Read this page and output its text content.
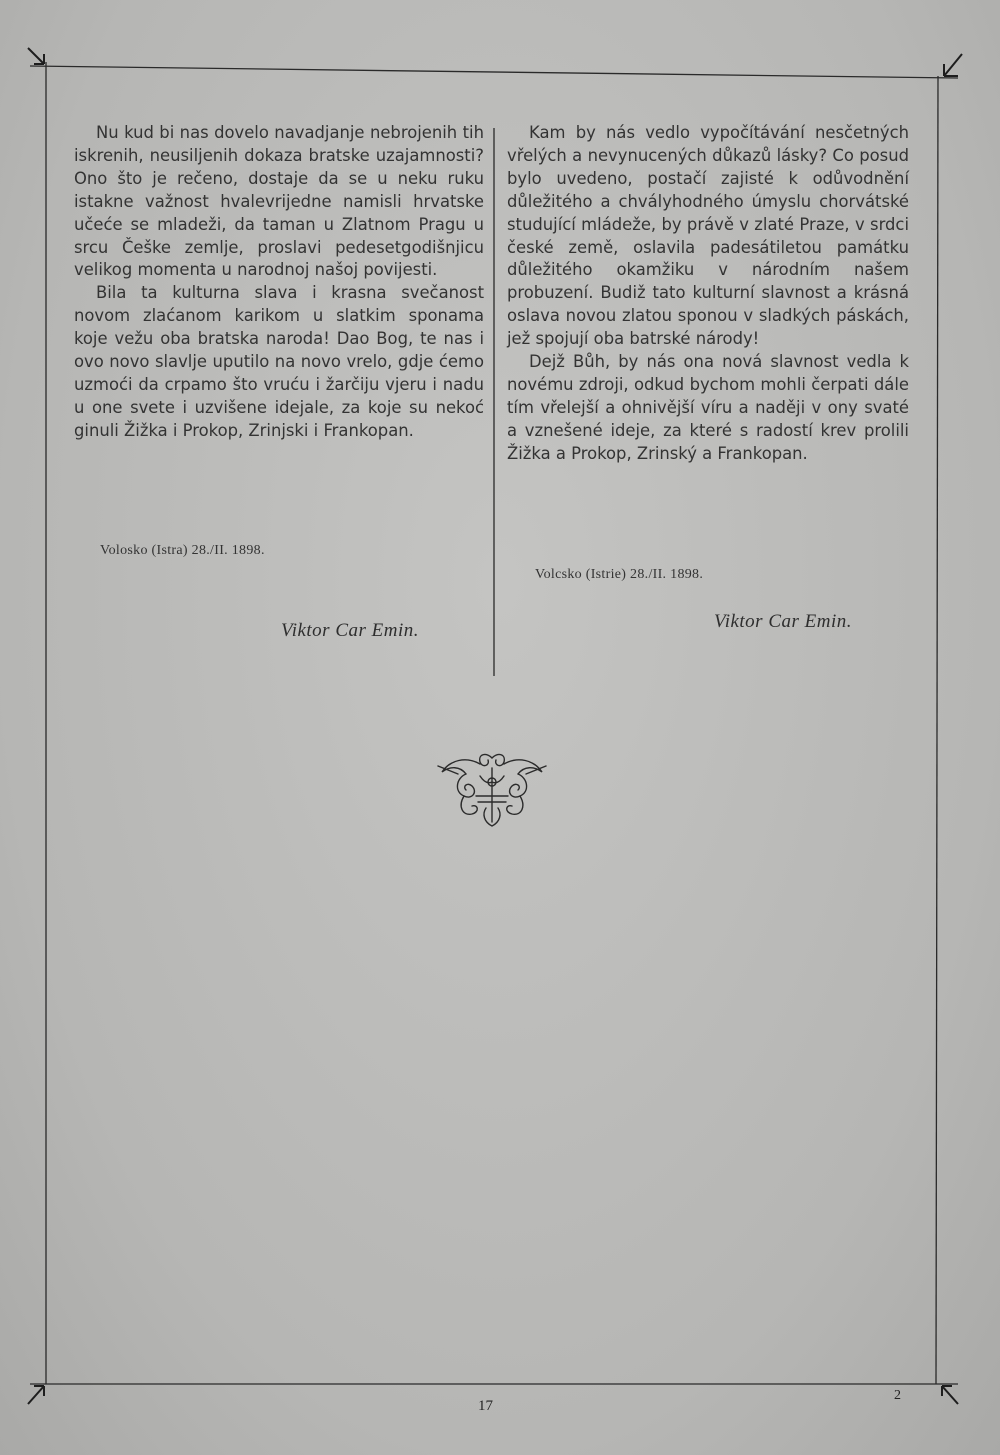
Nu kud bi nas dovelo navadjanje nebrojenih tih iskrenih, neusiljenih dokaza bratske uzajamnosti? Ono što je rečeno, dostaje da se u neku ruku istakne važnost hvalevrijedne namisli hrvatske učeće se mladeži, da taman u Zlatnom Pragu u srcu Češke zemlje, proslavi pedesetgodišnjicu velikog momenta u narodnoj našoj povijesti.

Bila ta kulturna slava i krasna svečanost novom zlaćanom karikom u slatkim sponama koje vežu oba bratska naroda! Dao Bog, te nas i ovo novo slavlje uputilo na novo vrelo, gdje ćemo uzmoći da crpamo što vruću i žarčiju vjeru i nadu u one svete i uzvišene idejale, za koje su nekoć ginuli Žižka i Prokop, Zrinjski i Frankopan.

Kam by nás vedlo vypočítávání nesčetných vřelých a nevynucených důkazů lásky? Co posud bylo uvedeno, postačí zajisté k odůvodnění důležitého a chvályhodného úmyslu chorvátské studující mládeže, by právě v zlaté Praze, v srdci české země, oslavila padesátiletou památku důležitého okamžiku v národním našem probuzení. Budiž tato kulturní slavnost a krásná oslava novou zlatou sponou v sladkých páskách, jež spojují oba batrské národy!

Dejž Bůh, by nás ona nová slavnost vedla k novému zdroji, odkud bychom mohli čerpati dále tím vřelejší a ohnivější víru a naději v ony svaté a vznešené ideje, za které s radostí krev prolili Žižka a Prokop, Zrinský a Frankopan.

Volosko (Istra) 28./II. 1898.
Volcsko (Istrie) 28./II. 1898.
Viktor Car Emin.	Viktor Car Emin.
17
2
